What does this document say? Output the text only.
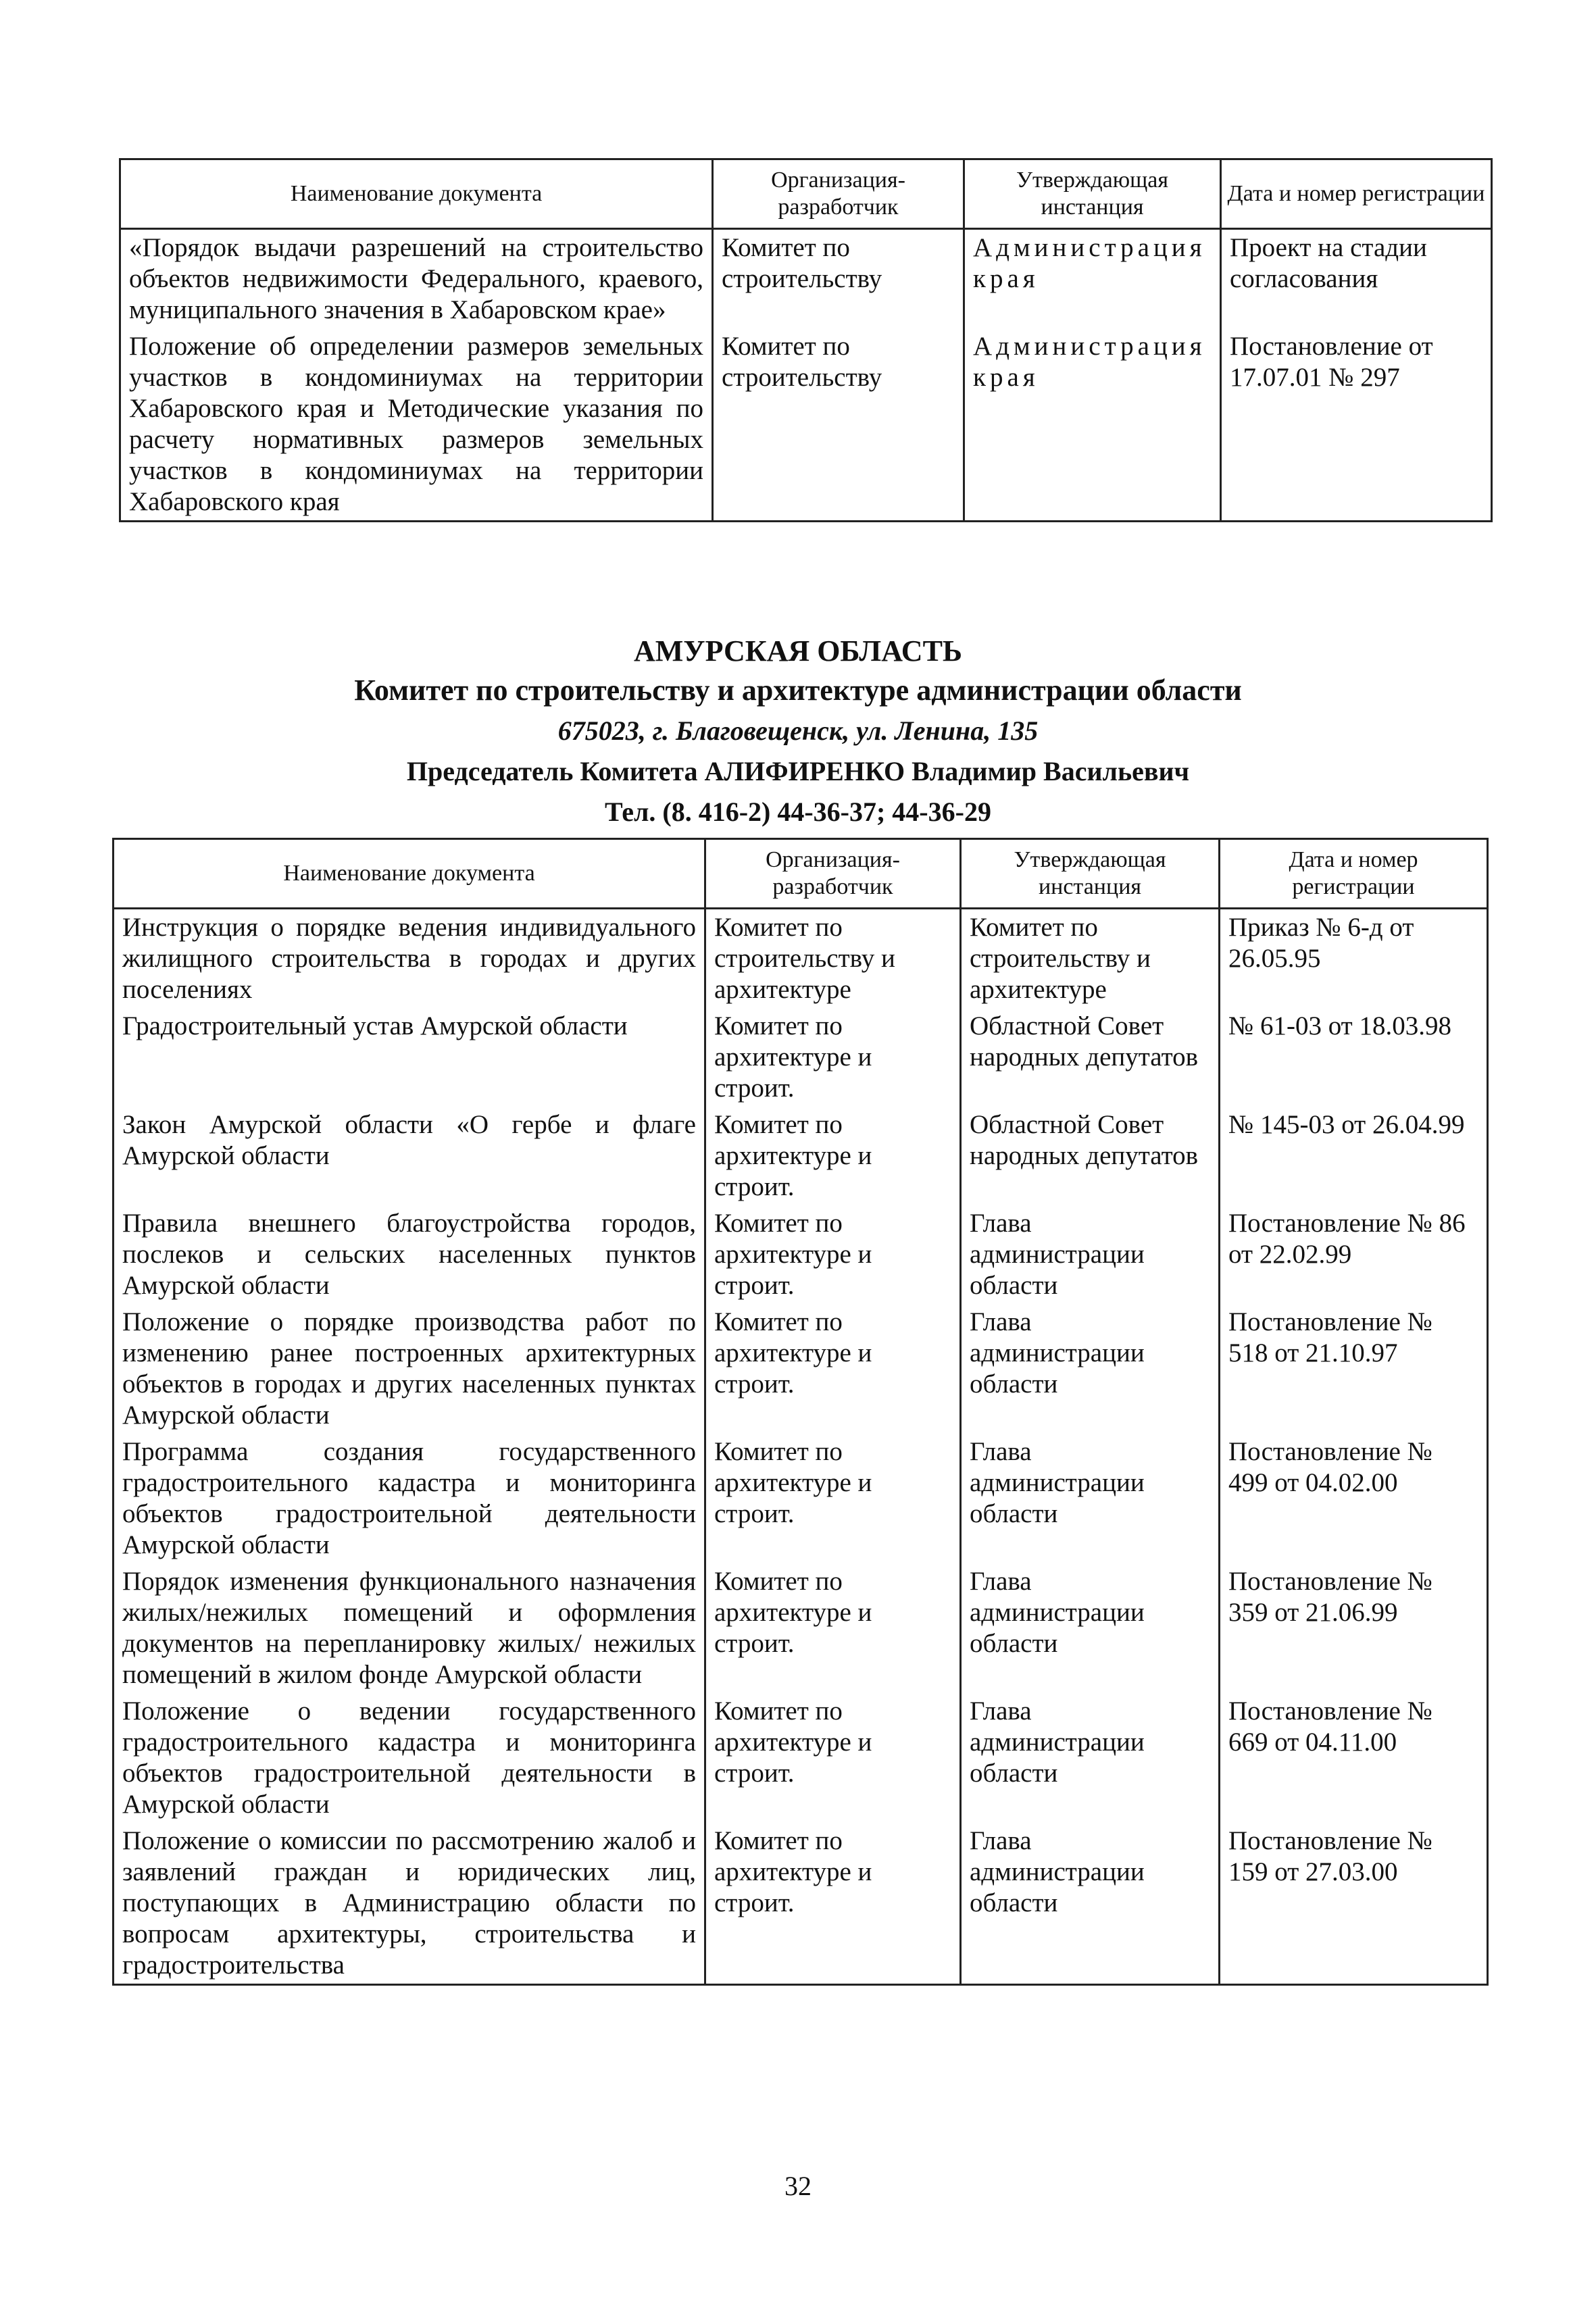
Наименование документа	Организация-разработчик	Утверждающая инстанция	Дата и номер регистрации
«Порядок выдачи разрешений на строительство объектов недвижимости Федерального, краевого, муниципального значения в Хабаровском крае»	Комитет по строительству	Администрация края	Проект на стадии согласования
Положение об определении размеров земельных участков в кондоминиумах на территории Хабаровского края и Методические указания по расчету нормативных размеров земельных участков в кондоминиумах на территории Хабаровского края	Комитет по строительству	Администрация края	Постановление от 17.07.01 № 297
АМУРСКАЯ ОБЛАСТЬ
Комитет по строительству и архитектуре администрации области
675023, г. Благовещенск, ул. Ленина, 135
Председатель Комитета АЛИФИРЕНКО Владимир Васильевич
Тел. (8. 416-2) 44-36-37; 44-36-29
Наименование документа	Организация-разработчик	Утверждающая инстанция	Дата и номер регистрации
Инструкция о порядке ведения индивидуального жилищного строительства в городах и других поселениях	Комитет по строительству и архитектуре	Комитет по строительству и архитектуре	Приказ № 6-д от 26.05.95
Градостроительный устав Амурской области	Комитет по архитектуре и строит.	Областной Совет народных депутатов	№ 61-03 от 18.03.98
Закон Амурской области «О гербе и флаге Амурской области	Комитет по архитектуре и строит.	Областной Совет народных депутатов	№ 145-03 от 26.04.99
Правила внешнего благоустройства городов, послеков и сельских населенных пунктов Амурской области	Комитет по архитектуре и строит.	Глава администрации области	Постановление № 86 от 22.02.99
Положение о порядке производства работ по изменению ранее построенных архитектурных объектов в городах и других населенных пунктах Амурской области	Комитет по архитектуре и строит.	Глава администрации области	Постановление № 518 от 21.10.97
Программа создания государственного градостроительного кадастра и мониторинга объектов градостроительной деятельности Амурской области	Комитет по архитектуре и строит.	Глава администрации области	Постановление № 499 от 04.02.00
Порядок изменения функционального назначения жилых/нежилых помещений и оформления документов на перепланировку жилых/ нежилых помещений в жилом фонде Амурской области	Комитет по архитектуре и строит.	Глава администрации области	Постановление № 359 от 21.06.99
Положение о ведении государственного градостроительного кадастра и мониторинга объектов градостроительной деятельности в Амурской области	Комитет по архитектуре и строит.	Глава администрации области	Постановление № 669 от 04.11.00
Положение о комиссии по рассмотрению жалоб и заявлений граждан и юридических лиц, поступающих в Администрацию области по вопросам архитектуры, строительства и градостроительства	Комитет по архитектуре и строит.	Глава администрации области	Постановление № 159 от 27.03.00
32
